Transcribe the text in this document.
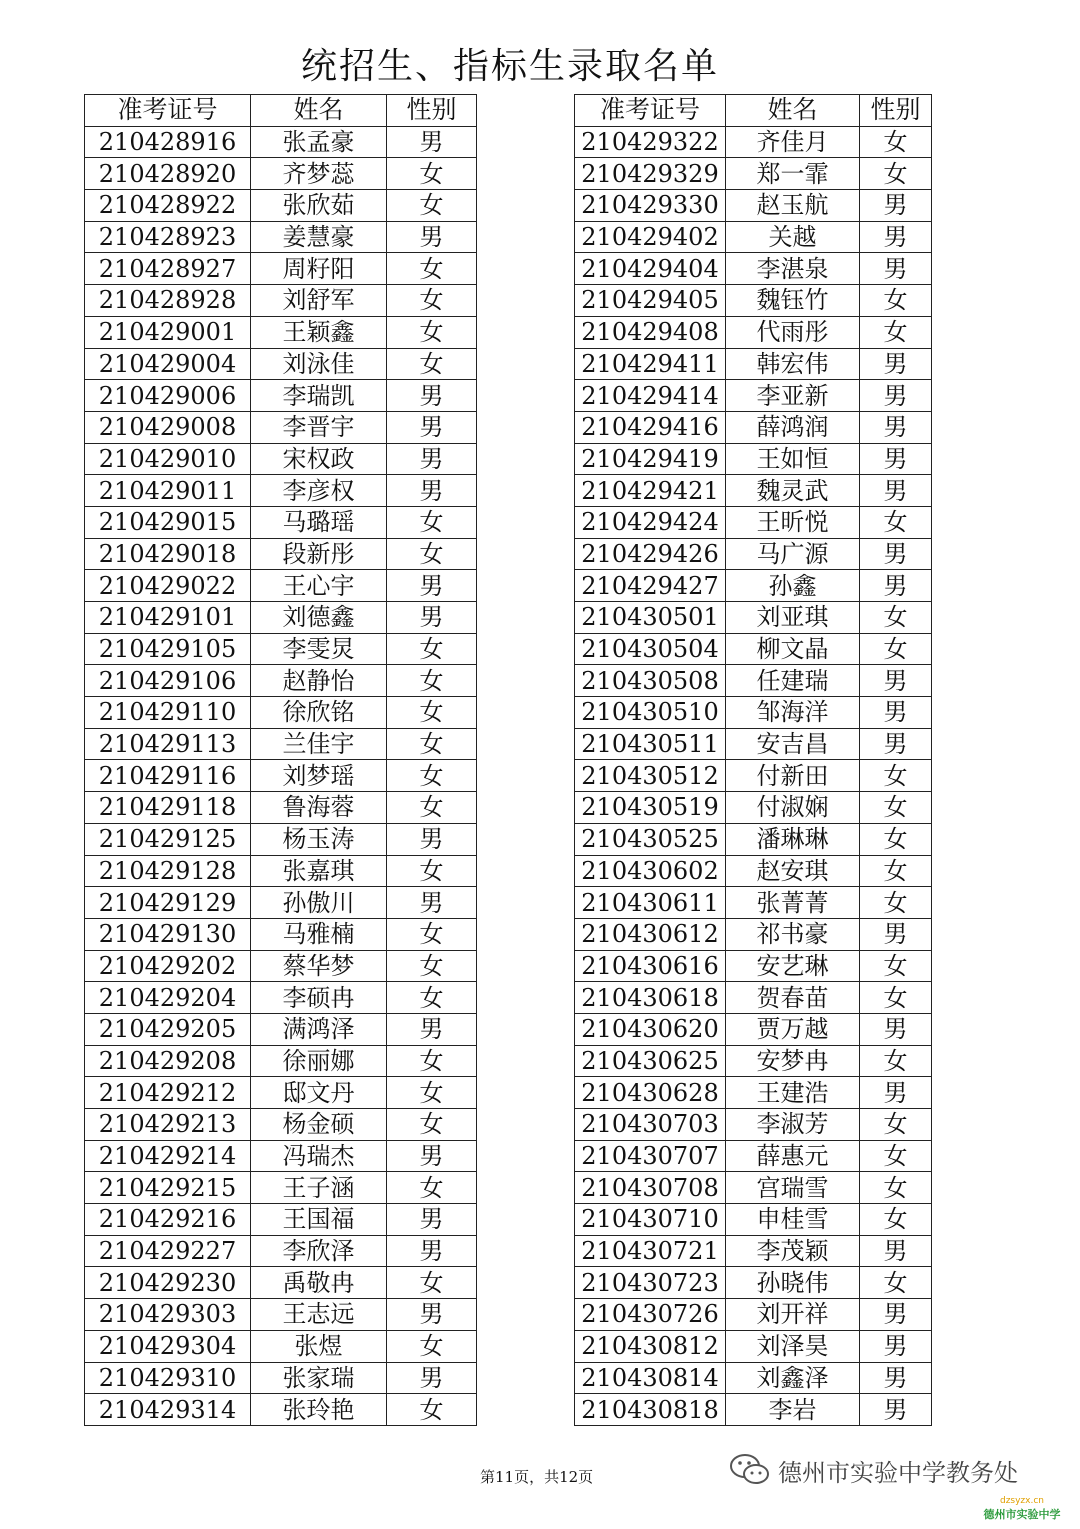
统招生、指标生录取名单
准考证号	姓名	性别
210428916	张孟豪	男
210428920	齐梦蕊	女
210428922	张欣茹	女
210428923	姜慧豪	男
210428927	周籽阳	女
210428928	刘舒军	女
210429001	王颖鑫	女
210429004	刘泳佳	女
210429006	李瑞凯	男
210429008	李晋宇	男
210429010	宋权政	男
210429011	李彦权	男
210429015	马璐瑶	女
210429018	段新彤	女
210429022	王心宇	男
210429101	刘德鑫	男
210429105	李雯炅	女
210429106	赵静怡	女
210429110	徐欣铭	女
210429113	兰佳宇	女
210429116	刘梦瑶	女
210429118	鲁海蓉	女
210429125	杨玉涛	男
210429128	张嘉琪	女
210429129	孙傲川	男
210429130	马雅楠	女
210429202	蔡华梦	女
210429204	李硕冉	女
210429205	满鸿泽	男
210429208	徐丽娜	女
210429212	邸文丹	女
210429213	杨金硕	女
210429214	冯瑞杰	男
210429215	王子涵	女
210429216	王国福	男
210429227	李欣泽	男
210429230	禹敬冉	女
210429303	王志远	男
210429304	张煜	女
210429310	张家瑞	男
210429314	张玲艳	女
准考证号	姓名	性别
210429322	齐佳月	女
210429329	郑一霏	女
210429330	赵玉航	男
210429402	关越	男
210429404	李湛泉	男
210429405	魏钰竹	女
210429408	代雨彤	女
210429411	韩宏伟	男
210429414	李亚新	男
210429416	薛鸿润	男
210429419	王如恒	男
210429421	魏灵武	男
210429424	王昕悦	女
210429426	马广源	男
210429427	孙鑫	男
210430501	刘亚琪	女
210430504	柳文晶	女
210430508	任建瑞	男
210430510	邹海洋	男
210430511	安吉昌	男
210430512	付新田	女
210430519	付淑娴	女
210430525	潘琳琳	女
210430602	赵安琪	女
210430611	张菁菁	女
210430612	祁书豪	男
210430616	安艺琳	女
210430618	贺春苗	女
210430620	贾万越	男
210430625	安梦冉	女
210430628	王建浩	男
210430703	李淑芳	女
210430707	薛惠元	女
210430708	宫瑞雪	女
210430710	申桂雪	女
210430721	李茂颖	男
210430723	孙晓伟	女
210430726	刘开祥	男
210430812	刘泽昊	男
210430814	刘鑫泽	男
210430818	李岩	男
第11页，共12页	德州市实验中学教务处
dzsyzx.cn
德州市实验中学
